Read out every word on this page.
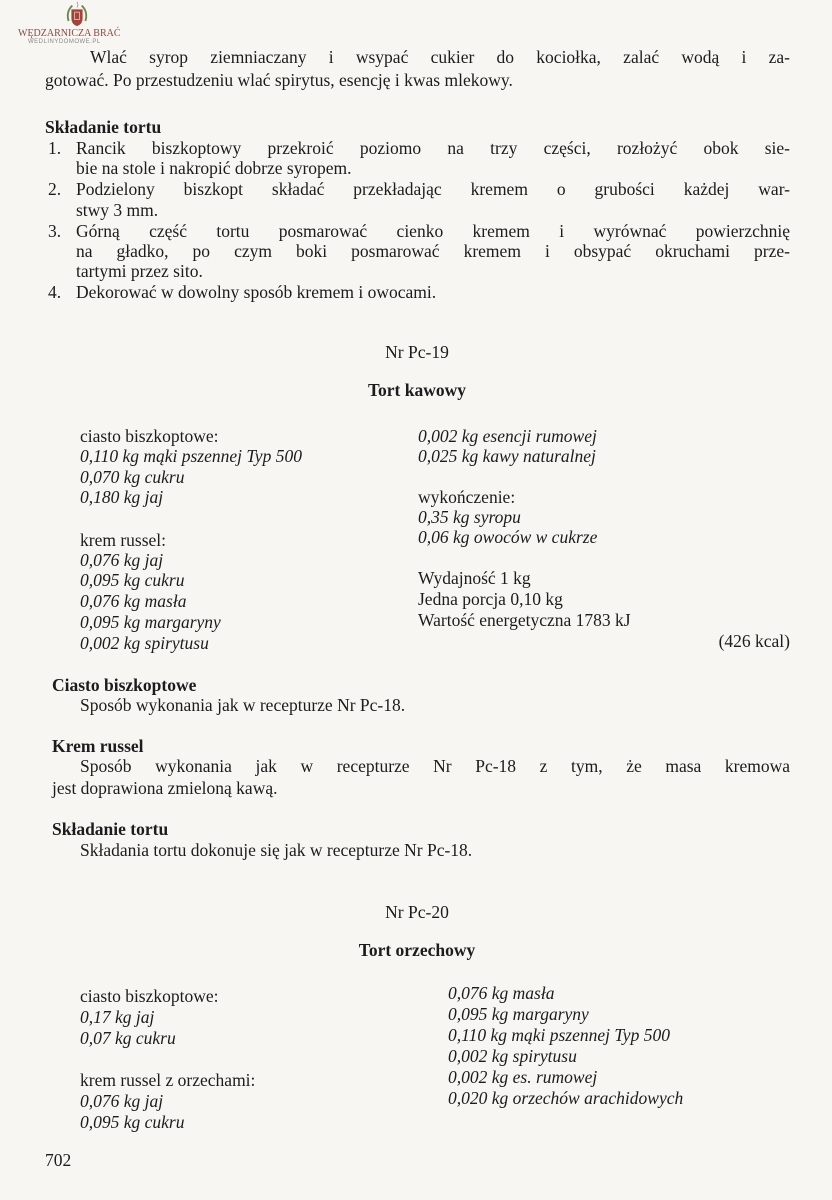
WĘDZARNICZA BRAĆ
WEDLINYDOMOWE.PL
Wlać syrop ziemniaczany i wsypać cukier do kociołka, zalać wodą i za-
gotować. Po przestudzeniu wlać spirytus, esencję i kwas mlekowy.
Składanie tortu
1. Rancik biszkoptowy przekroić poziomo na trzy części, rozłożyć obok sie-
bie na stole i nakropić dobrze syropem.
2. Podzielony biszkopt składać przekładając kremem o grubości każdej war-
stwy 3 mm.
3. Górną część tortu posmarować cienko kremem i wyrównać powierzchnię
na gładko, po czym boki posmarować kremem i obsypać okruchami prze-
tartymi przez sito.
4. Dekorować w dowolny sposób kremem i owocami.
Nr Pc-19
Tort kawowy
ciasto biszkoptowe:
0,110 kg mąki pszennej Typ 500
0,070 kg cukru
0,180 kg jaj
krem russel:
0,076 kg jaj
0,095 kg cukru
0,076 kg masła
0,095 kg margaryny
0,002 kg spirytusu
0,002 kg esencji rumowej
0,025 kg kawy naturalnej
wykończenie:
0,35 kg syropu
0,06 kg owoców w cukrze
Wydajność 1 kg
Jedna porcja 0,10 kg
Wartość energetyczna 1783 kJ
(426 kcal)
Ciasto biszkoptowe
Sposób wykonania jak w recepturze Nr Pc-18.
Krem russel
Sposób wykonania jak w recepturze Nr Pc-18 z tym, że masa kremowa
jest doprawiona zmieloną kawą.
Składanie tortu
Składania tortu dokonuje się jak w recepturze Nr Pc-18.
Nr Pc-20
Tort orzechowy
ciasto biszkoptowe:
0,17 kg jaj
0,07 kg cukru
krem russel z orzechami:
0,076 kg jaj
0,095 kg cukru
0,076 kg masła
0,095 kg margaryny
0,110 kg mąki pszennej Typ 500
0,002 kg spirytusu
0,002 kg es. rumowej
0,020 kg orzechów arachidowych
702
